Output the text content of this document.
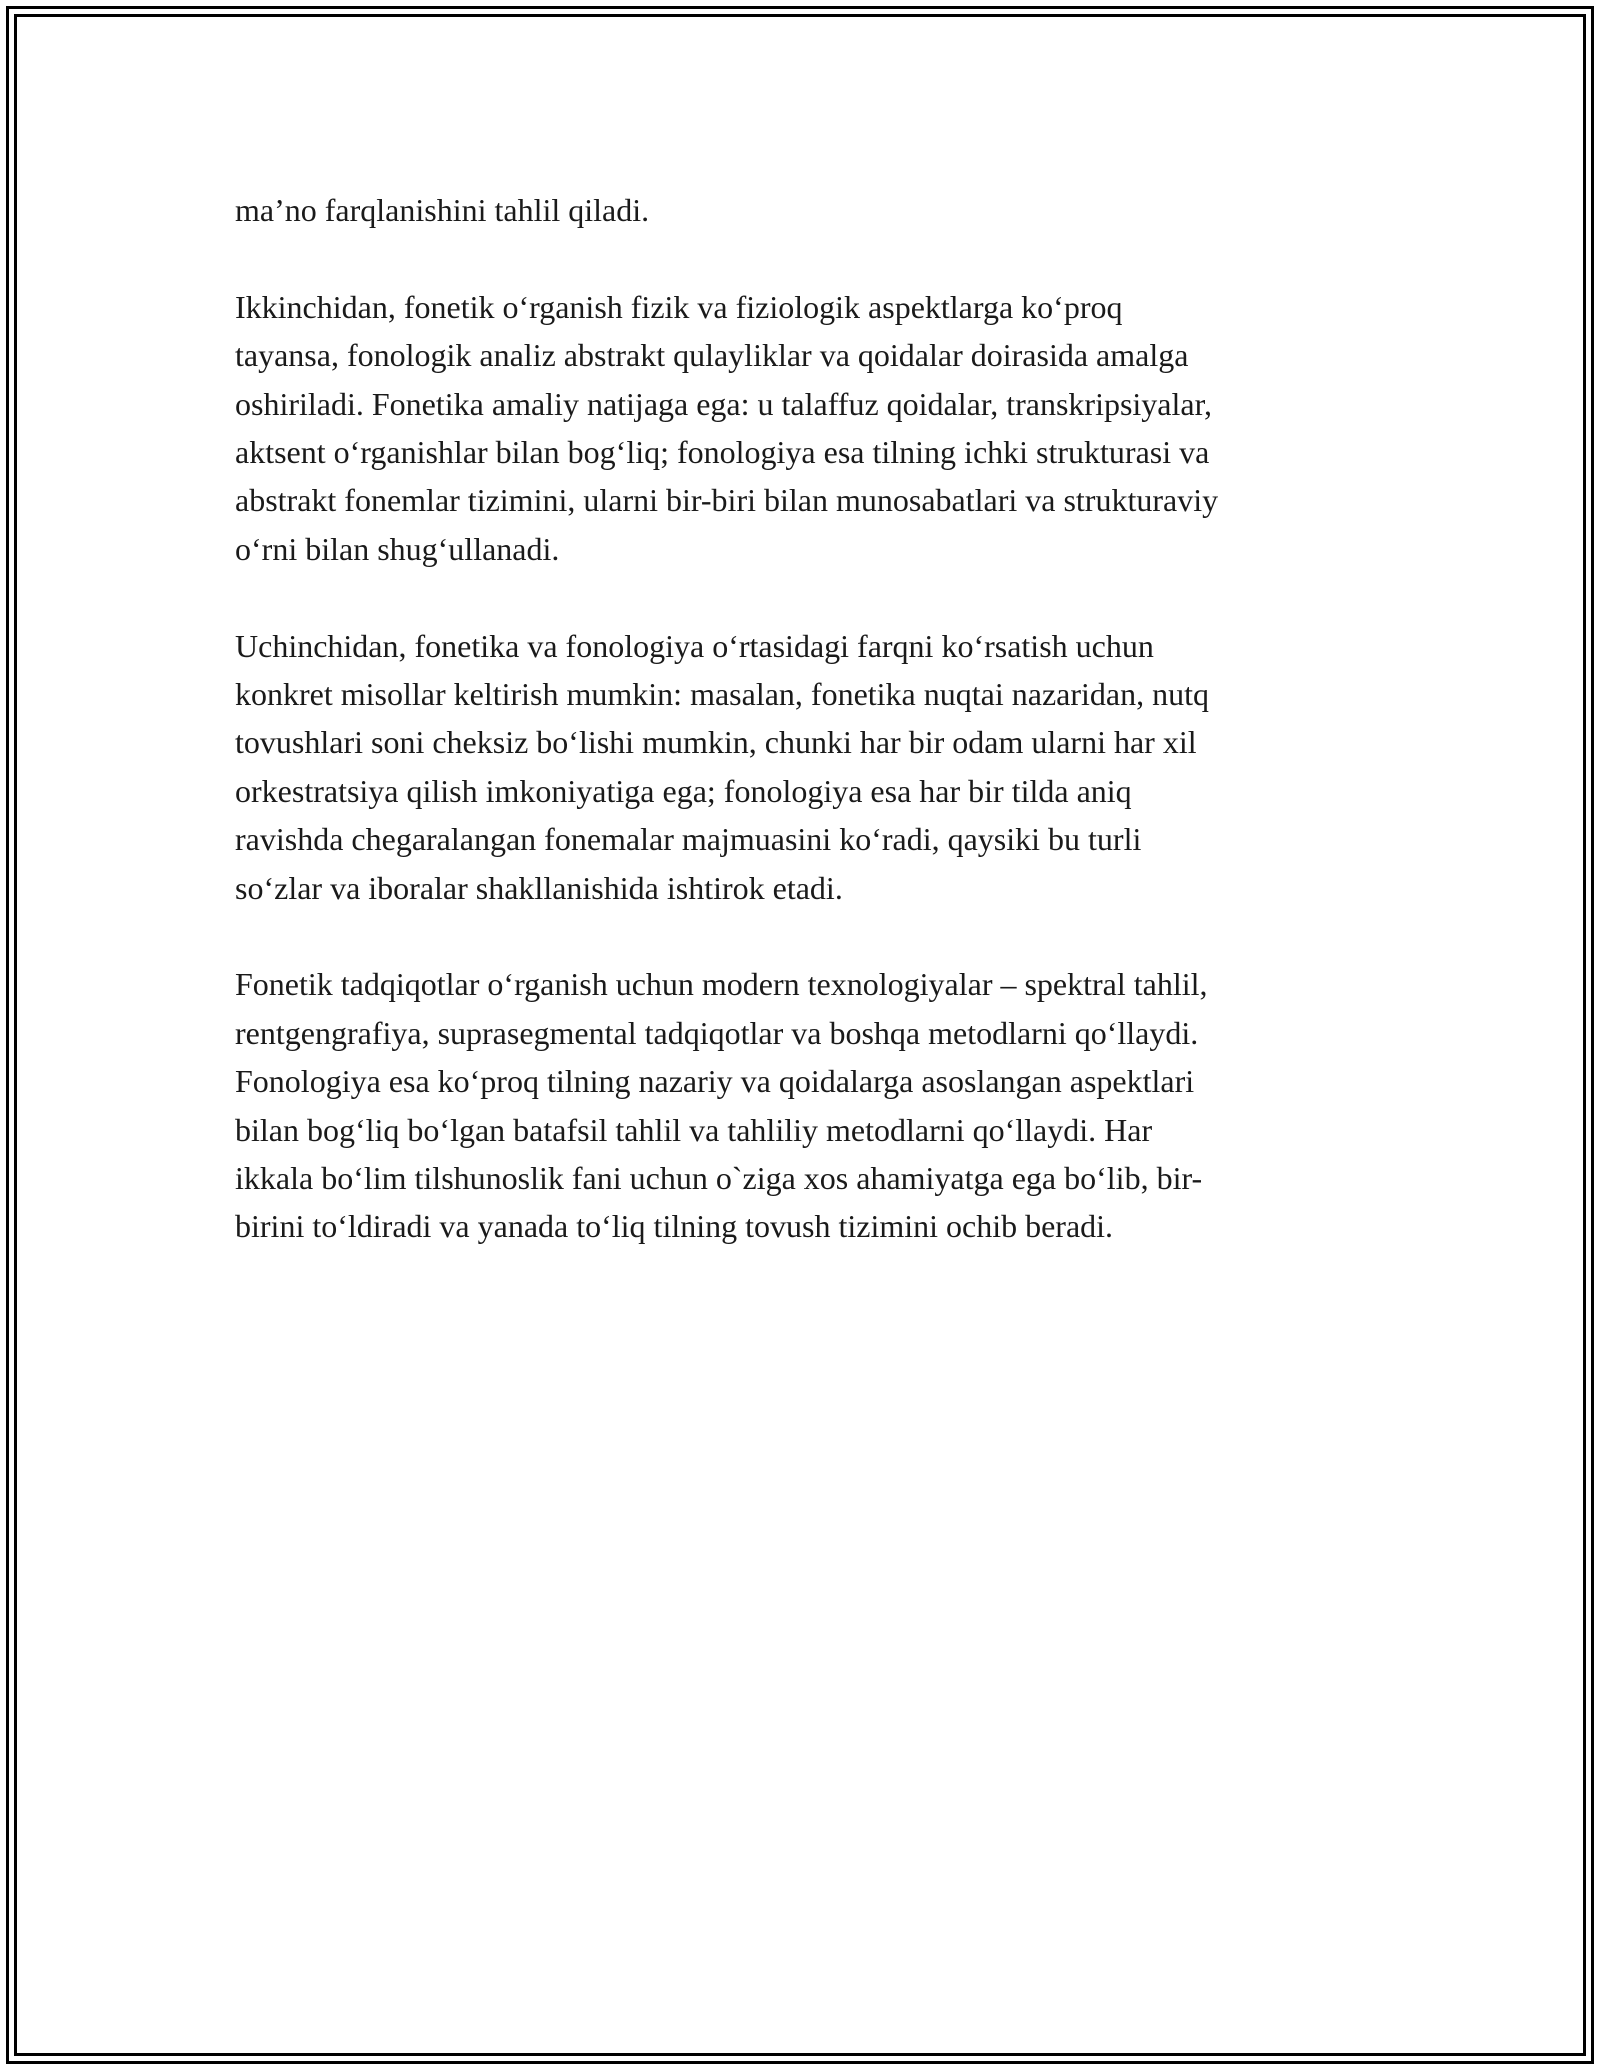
ma’no farqlanishini tahlil qiladi.

Ikkinchidan, fonetik o‘rganish fizik va fiziologik aspektlarga ko‘proq
tayansa, fonologik analiz abstrakt qulayliklar va qoidalar doirasida amalga
oshiriladi. Fonetika amaliy natijaga ega: u talaffuz qoidalar, transkripsiyalar,
aktsent o‘rganishlar bilan bog‘liq; fonologiya esa tilning ichki strukturasi va
abstrakt fonemlar tizimini, ularni bir-biri bilan munosabatlari va strukturaviy
o‘rni bilan shug‘ullanadi.

Uchinchidan, fonetika va fonologiya o‘rtasidagi farqni ko‘rsatish uchun
konkret misollar keltirish mumkin: masalan, fonetika nuqtai nazaridan, nutq
tovushlari soni cheksiz bo‘lishi mumkin, chunki har bir odam ularni har xil
orkestratsiya qilish imkoniyatiga ega; fonologiya esa har bir tilda aniq
ravishda chegaralangan fonemalar majmuasini ko‘radi, qaysiki bu turli
so‘zlar va iboralar shakllanishida ishtirok etadi.

Fonetik tadqiqotlar o‘rganish uchun modern texnologiyalar – spektral tahlil,
rentgengrafiya, suprasegmental tadqiqotlar va boshqa metodlarni qo‘llaydi.
Fonologiya esa ko‘proq tilning nazariy va qoidalarga asoslangan aspektlari
bilan bog‘liq bo‘lgan batafsil tahlil va tahliliy metodlarni qo‘llaydi. Har
ikkala bo‘lim tilshunoslik fani uchun o`ziga xos ahamiyatga ega bo‘lib, bir-
birini to‘ldiradi va yanada to‘liq tilning tovush tizimini ochib beradi.
